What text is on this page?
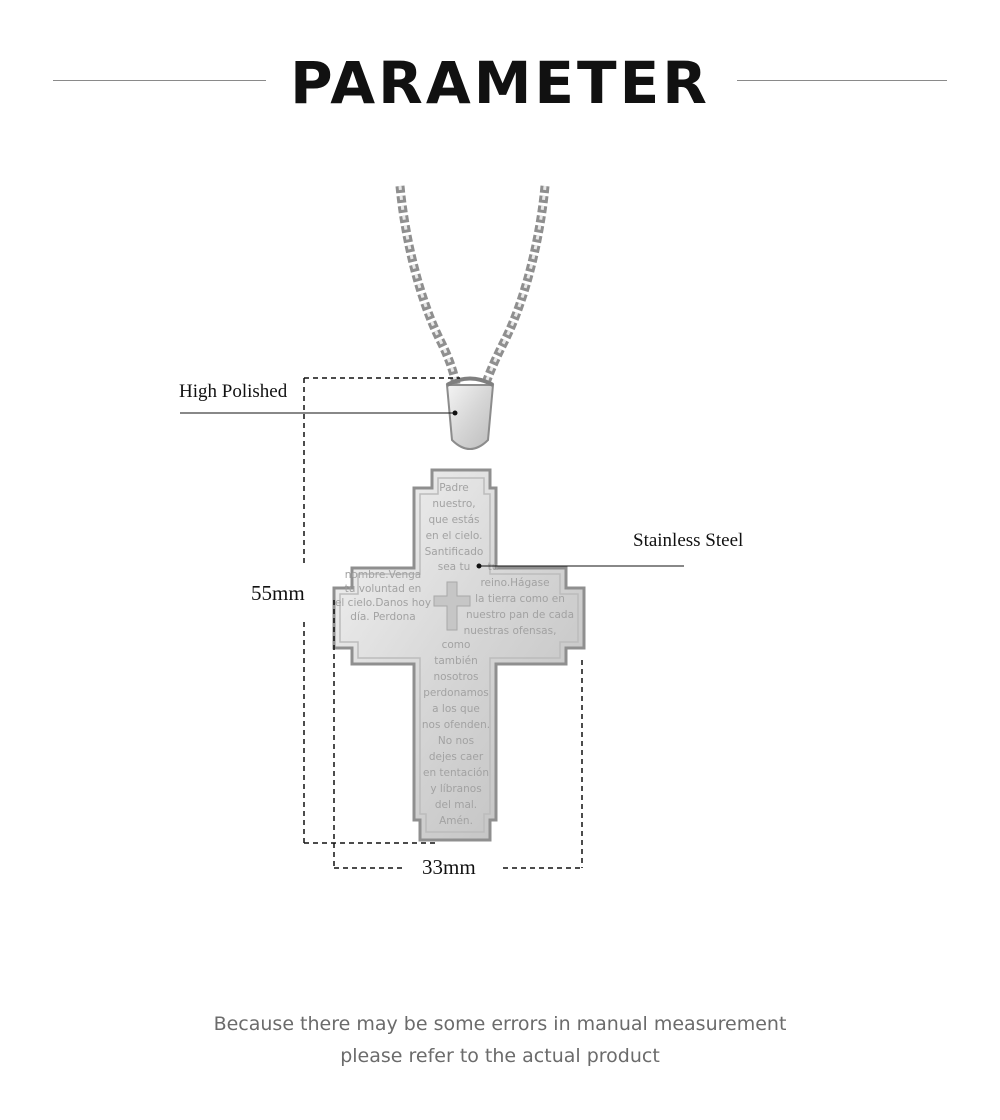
PARAMETER
Padre
nuestro,
que estás
en el cielo.
Santificado
sea tu
nombre.Venga
tu voluntad en
el cielo.Danos hoy
día. Perdona
tu
reino.Hágase
la tierra como en
nuestro pan de cada
nuestras ofensas,
como
también
nosotros
perdonamos
a los que
nos ofenden.
No nos
dejes caer
en tentación
y líbranos
del mal.
Amén.
High Polished
Stainless Steel
55mm
33mm
Because there may be some errors in manual measurement
please refer to the actual product
